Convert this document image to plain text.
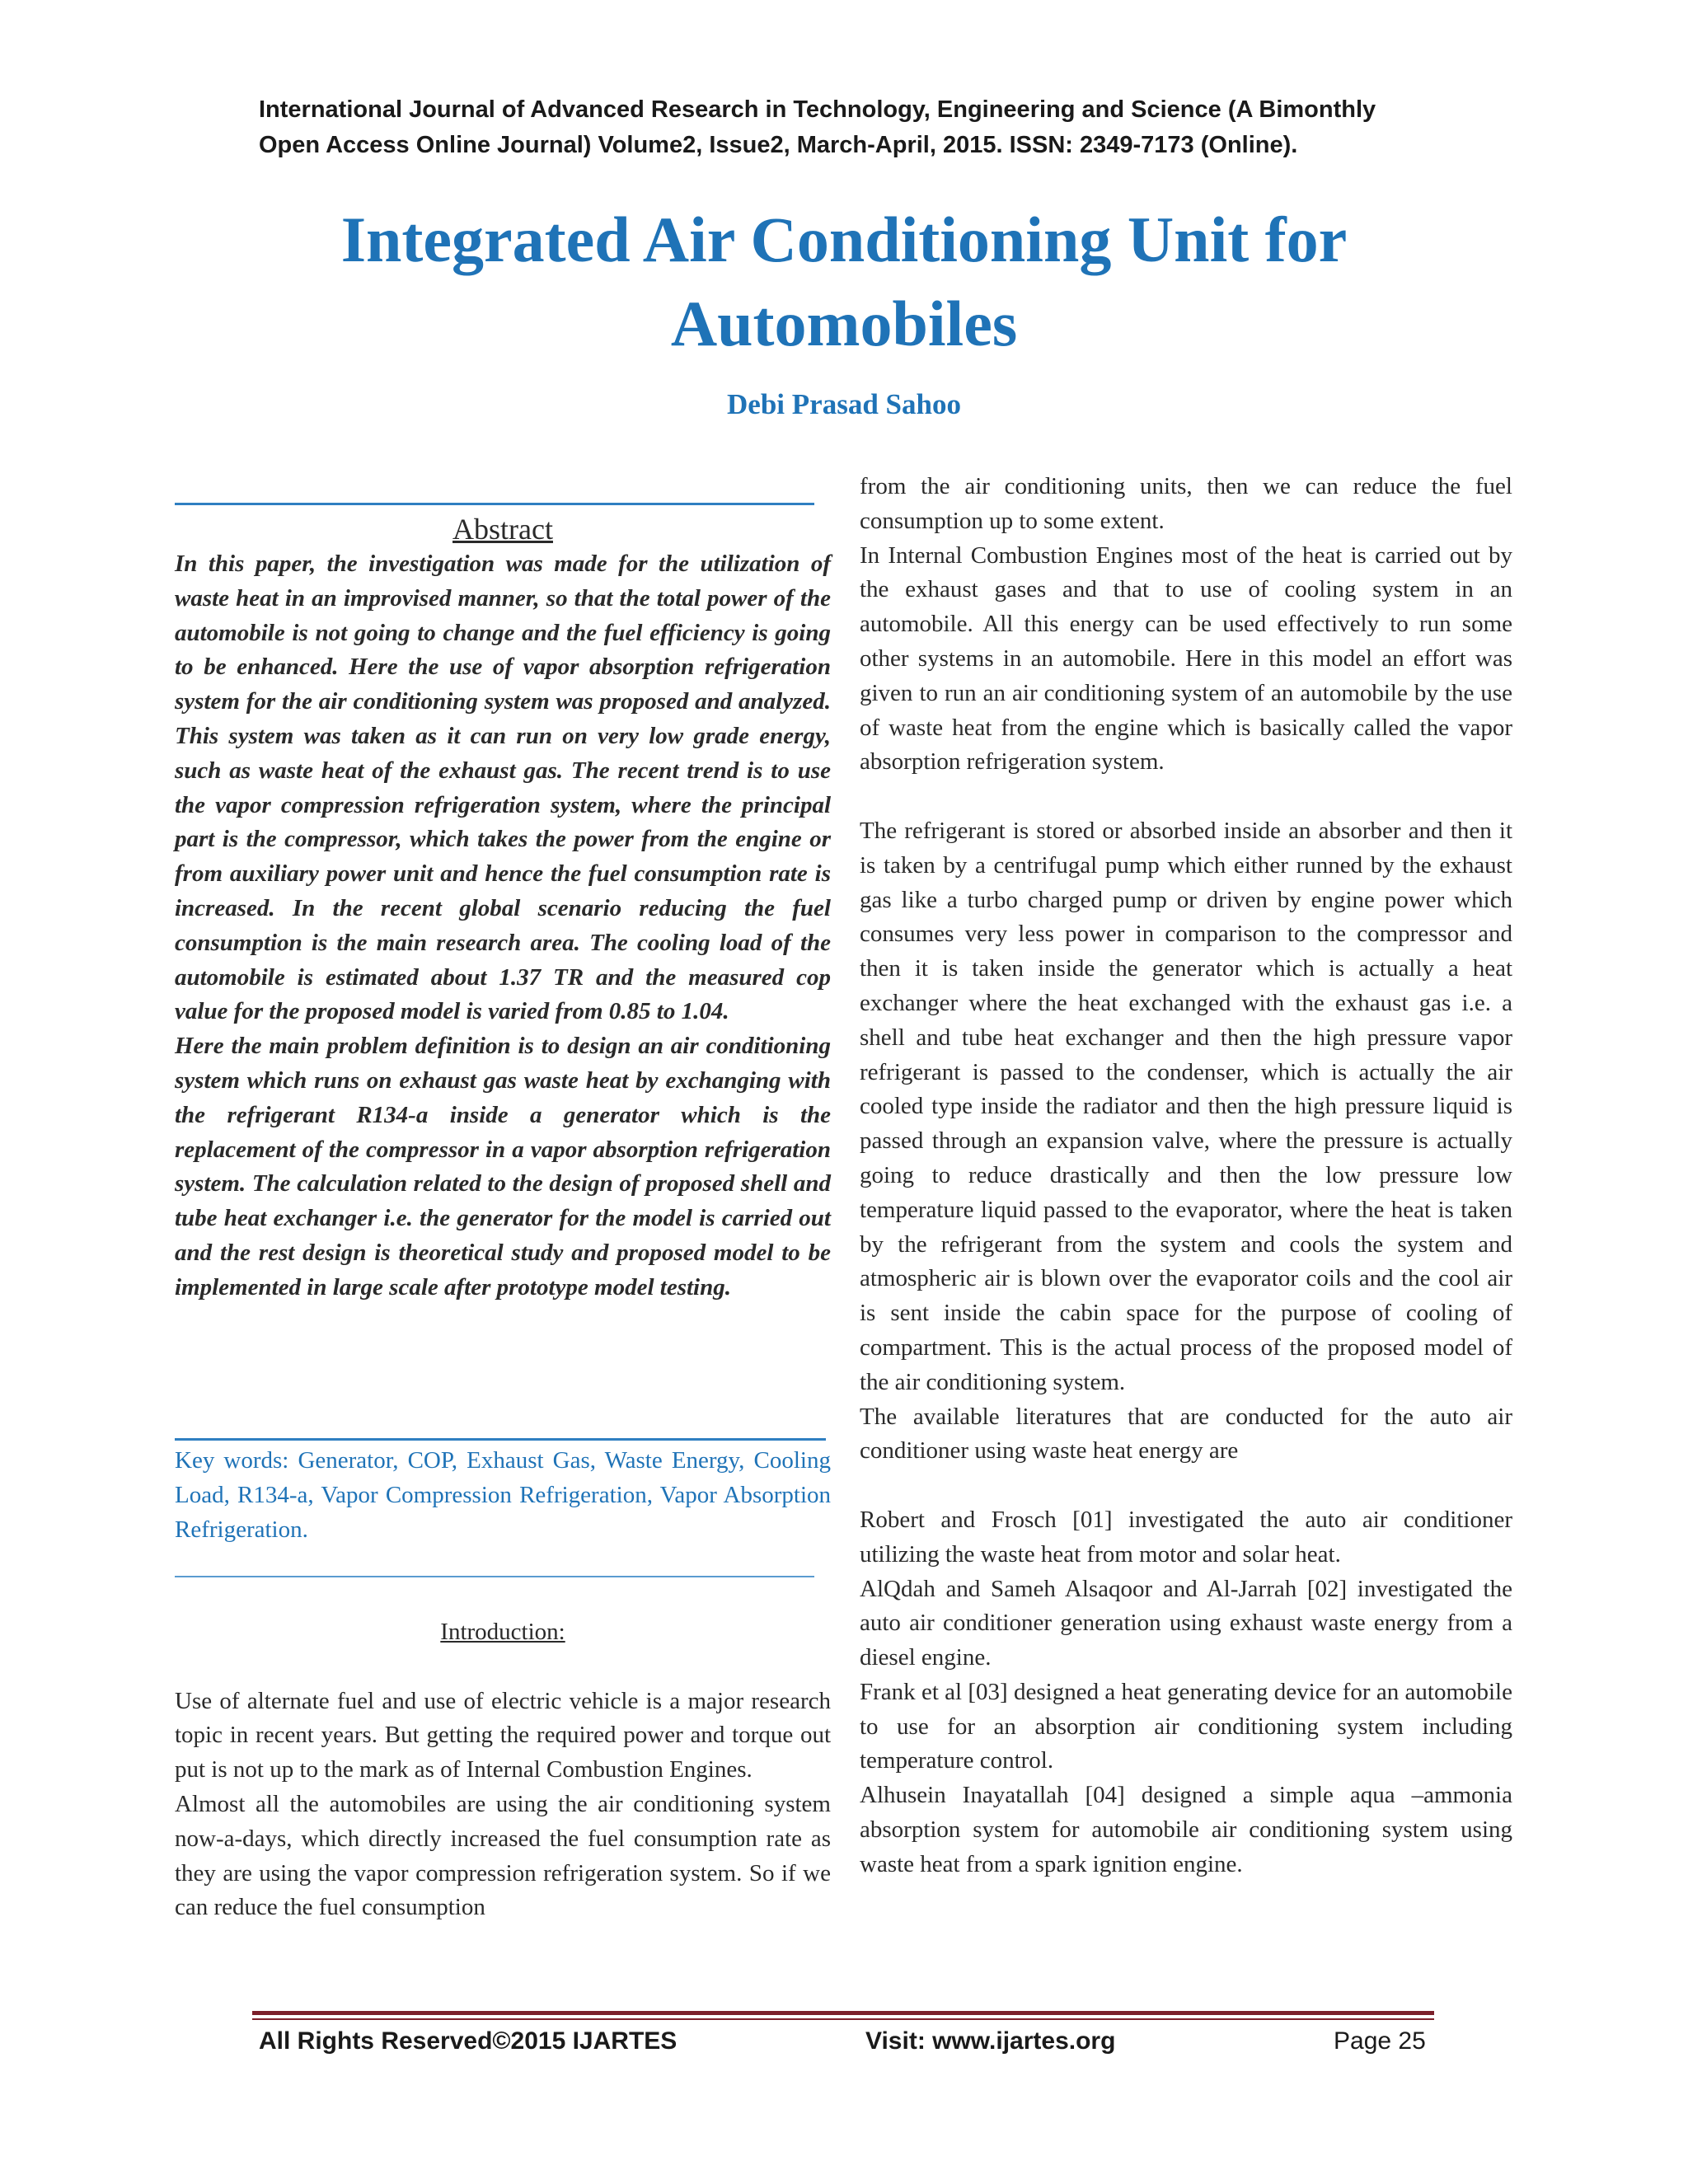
International Journal of Advanced Research in Technology, Engineering and Science (A Bimonthly
Open Access Online Journal) Volume2, Issue2, March-April, 2015. ISSN: 2349-7173 (Online).
Integrated Air Conditioning Unit for
Automobiles
Debi Prasad Sahoo
Abstract

In this paper, the investigation was made for the utilization of waste heat in an improvised manner, so that the total power of the automobile is not going to change and the fuel efficiency is going to be enhanced. Here the use of vapor absorption refrigeration system for the air conditioning system was proposed and analyzed. This system was taken as it can run on very low grade energy, such as waste heat of the exhaust gas. The recent trend is to use the vapor compression refrigeration system, where the principal part is the compressor, which takes the power from the engine or from auxiliary power unit and hence the fuel consumption rate is increased. In the recent global scenario reducing the fuel consumption is the main research area. The cooling load of the automobile is estimated about 1.37 TR and the measured cop value for the proposed model is varied from 0.85 to 1.04.

Here the main problem definition is to design an air conditioning system which runs on exhaust gas waste heat by exchanging with the refrigerant R134-a inside a generator which is the replacement of the compressor in a vapor absorption refrigeration system. The calculation related to the design of proposed shell and tube heat exchanger i.e. the generator for the model is carried out and the rest design is theoretical study and proposed model to be implemented in large scale after prototype model testing.

Key words: Generator, COP, Exhaust Gas, Waste Energy, Cooling Load, R134-a, Vapor Compression Refrigeration, Vapor Absorption Refrigeration.

Introduction:

Use of alternate fuel and use of electric vehicle is a major research topic in recent years. But getting the required power and torque out put is not up to the mark as of Internal Combustion Engines.

Almost all the automobiles are using the air conditioning system now-a-days, which directly increased the fuel consumption rate as they are using the vapor compression refrigeration system. So if we can reduce the fuel consumption

from the air conditioning units, then we can reduce the fuel consumption up to some extent.

In Internal Combustion Engines most of the heat is carried out by the exhaust gases and that to use of cooling system in an automobile. All this energy can be used effectively to run some other systems in an automobile. Here in this model an effort was given to run an air conditioning system of an automobile by the use of waste heat from the engine which is basically called the vapor absorption refrigeration system.

The refrigerant is stored or absorbed inside an absorber and then it is taken by a centrifugal pump which either runned by the exhaust gas like a turbo charged pump or driven by engine power which consumes very less power in comparison to the compressor and then it is taken inside the generator which is actually a heat exchanger where the heat exchanged with the exhaust gas i.e. a shell and tube heat exchanger and then the high pressure vapor refrigerant is passed to the condenser, which is actually the air cooled type inside the radiator and then the high pressure liquid is passed through an expansion valve, where the pressure is actually going to reduce drastically and then the low pressure low temperature liquid passed to the evaporator, where the heat is taken by the refrigerant from the system and cools the system and atmospheric air is blown over the evaporator coils and the cool air is sent inside the cabin space for the purpose of cooling of compartment. This is the actual process of the proposed model of the air conditioning system.

The available literatures that are conducted for the auto air conditioner using waste heat energy are

Robert and Frosch [01] investigated the auto air conditioner utilizing the waste heat from motor and solar heat.

AlQdah and Sameh Alsaqoor and Al-Jarrah [02] investigated the auto air conditioner generation using exhaust waste energy from a diesel engine.

Frank et al [03] designed a heat generating device for an automobile to use for an absorption air conditioning system including temperature control.

Alhusein Inayatallah [04] designed a simple aqua –ammonia absorption system for automobile air conditioning system using waste heat from a spark ignition engine.

All Rights Reserved©2015 IJARTES	Visit: www.ijartes.org	Page 25
